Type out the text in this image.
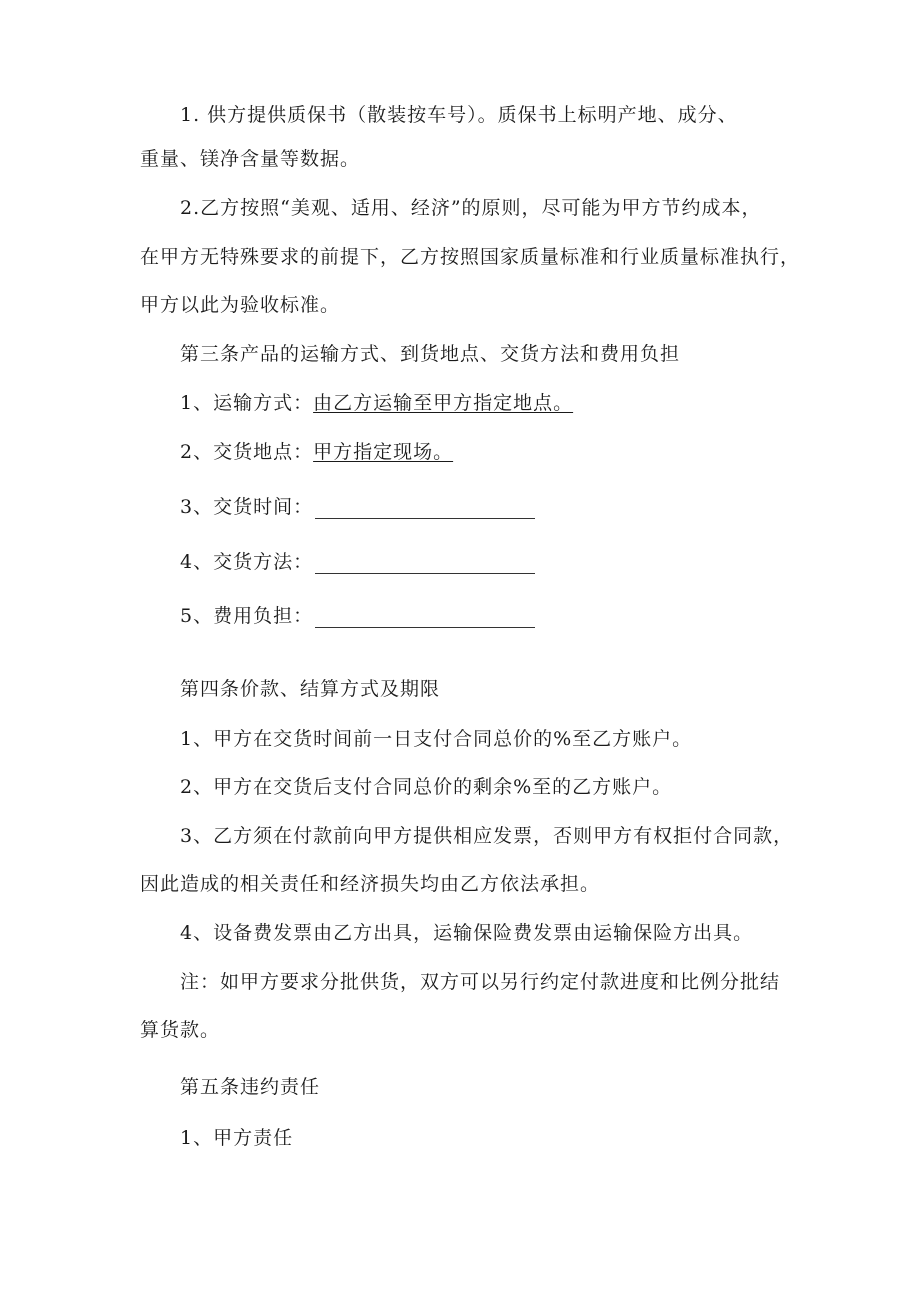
1. 供方提供质保书（散装按车号）。质保书上标明产地、成分、
重量、镁净含量等数据。
2.乙方按照“美观、适用、经济”的原则，尽可能为甲方节约成本，
在甲方无特殊要求的前提下，乙方按照国家质量标准和行业质量标准执行，
甲方以此为验收标准。
第三条产品的运输方式、到货地点、交货方法和费用负担
1、运输方式：由乙方运输至甲方指定地点。
2、交货地点：甲方指定现场。
3、交货时间：
4、交货方法：
5、费用负担：
第四条价款、结算方式及期限
1、甲方在交货时间前一日支付合同总价的%至乙方账户。
2、甲方在交货后支付合同总价的剩余%至的乙方账户。
3、乙方须在付款前向甲方提供相应发票，否则甲方有权拒付合同款，
因此造成的相关责任和经济损失均由乙方依法承担。
4、设备费发票由乙方出具，运输保险费发票由运输保险方出具。
注：如甲方要求分批供货，双方可以另行约定付款进度和比例分批结
算货款。
第五条违约责任
1、甲方责任
